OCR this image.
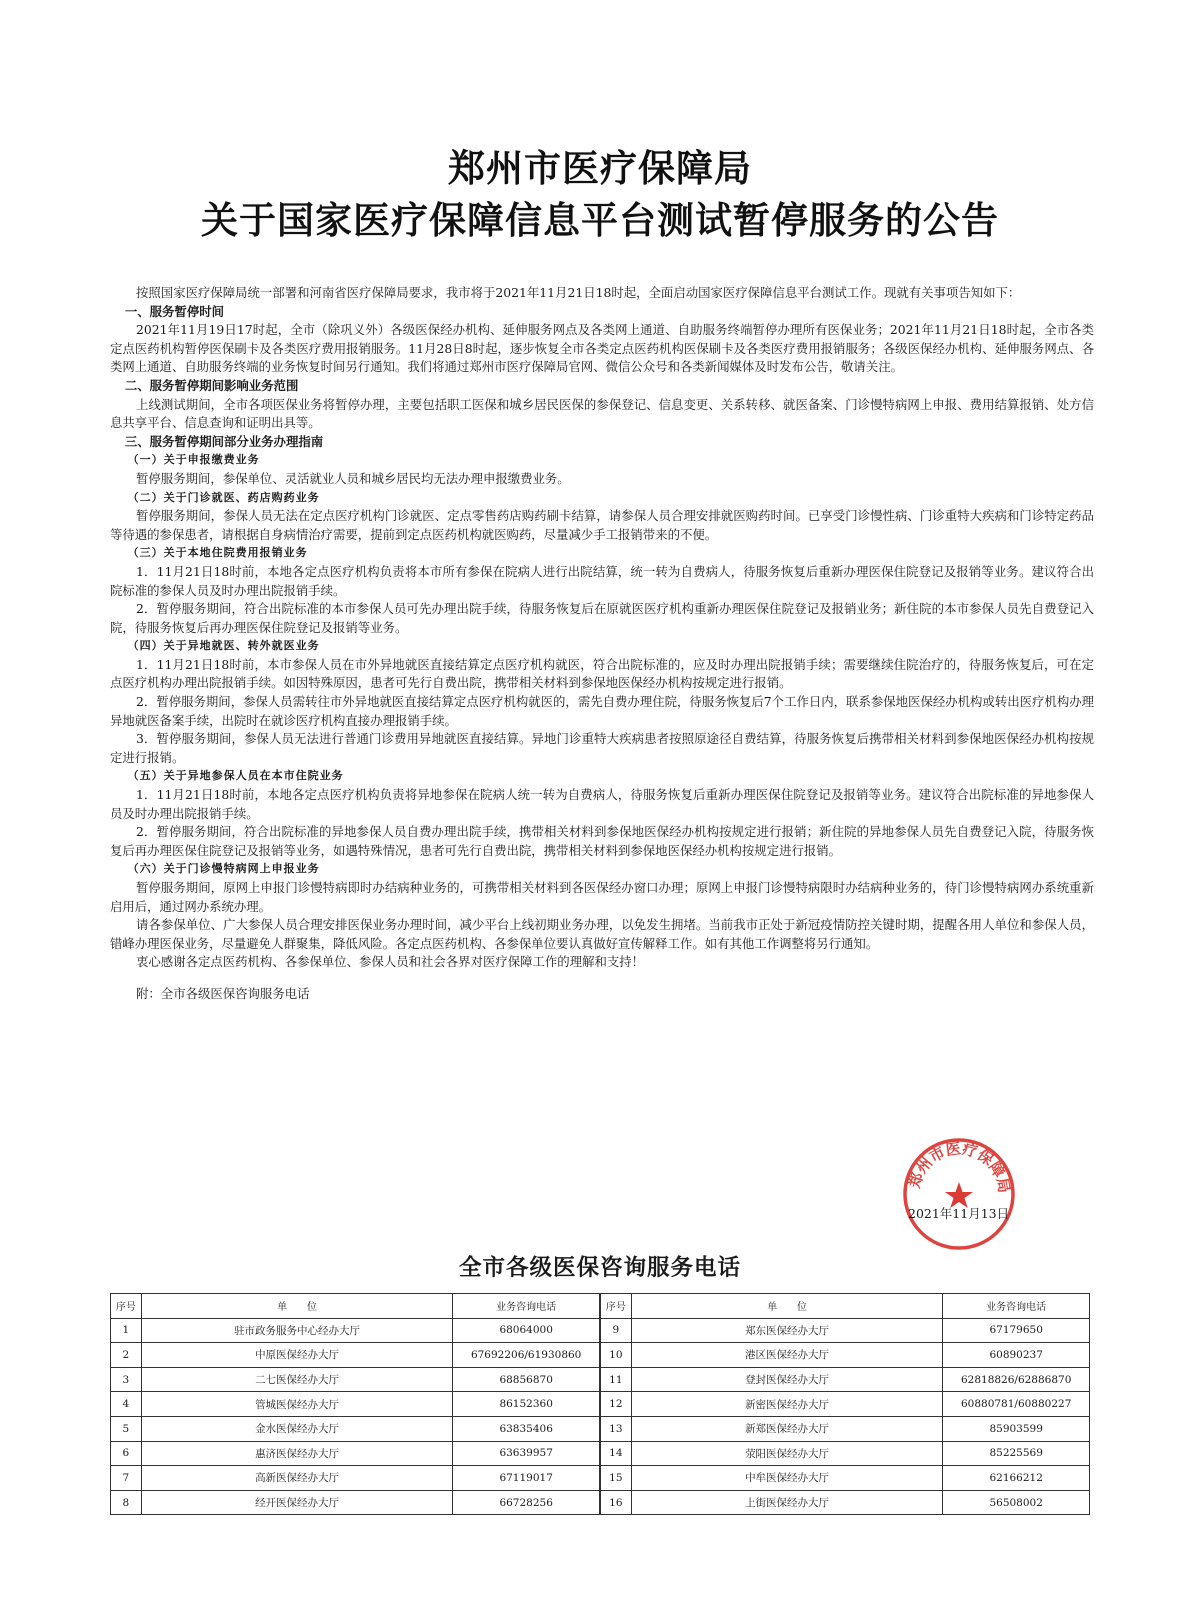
郑州市医疗保障局
关于国家医疗保障信息平台测试暂停服务的公告

按照国家医疗保障局统一部署和河南省医疗保障局要求，我市将于2021年11月21日18时起，全面启动国家医疗保障信息平台测试工作。现就有关事项告知如下：

一、服务暂停时间

2021年11月19日17时起，全市（除巩义外）各级医保经办机构、延伸服务网点及各类网上通道、自助服务终端暂停办理所有医保业务；2021年11月21日18时起，全市各类定点医药机构暂停医保刷卡及各类医疗费用报销服务。11月28日8时起，逐步恢复全市各类定点医药机构医保刷卡及各类医疗费用报销服务；各级医保经办机构、延伸服务网点、各类网上通道、自助服务终端的业务恢复时间另行通知。我们将通过郑州市医疗保障局官网、微信公众号和各类新闻媒体及时发布公告，敬请关注。

二、服务暂停期间影响业务范围

上线测试期间，全市各项医保业务将暂停办理，主要包括职工医保和城乡居民医保的参保登记、信息变更、关系转移、就医备案、门诊慢特病网上申报、费用结算报销、处方信息共享平台、信息查询和证明出具等。

三、服务暂停期间部分业务办理指南

（一）关于申报缴费业务

暂停服务期间，参保单位、灵活就业人员和城乡居民均无法办理申报缴费业务。

（二）关于门诊就医、药店购药业务

暂停服务期间，参保人员无法在定点医疗机构门诊就医、定点零售药店购药刷卡结算，请参保人员合理安排就医购药时间。已享受门诊慢性病、门诊重特大疾病和门诊特定药品等待遇的参保患者，请根据自身病情治疗需要，提前到定点医药机构就医购药，尽量减少手工报销带来的不便。

（三）关于本地住院费用报销业务

1．11月21日18时前，本地各定点医疗机构负责将本市所有参保在院病人进行出院结算，统一转为自费病人，待服务恢复后重新办理医保住院登记及报销等业务。建议符合出院标准的参保人员及时办理出院报销手续。

2．暂停服务期间，符合出院标准的本市参保人员可先办理出院手续，待服务恢复后在原就医医疗机构重新办理医保住院登记及报销业务；新住院的本市参保人员先自费登记入院，待服务恢复后再办理医保住院登记及报销等业务。

（四）关于异地就医、转外就医业务

1．11月21日18时前，本市参保人员在市外异地就医直接结算定点医疗机构就医，符合出院标准的，应及时办理出院报销手续；需要继续住院治疗的，待服务恢复后，可在定点医疗机构办理出院报销手续。如因特殊原因，患者可先行自费出院，携带相关材料到参保地医保经办机构按规定进行报销。

2．暂停服务期间，参保人员需转往市外异地就医直接结算定点医疗机构就医的，需先自费办理住院，待服务恢复后7个工作日内，联系参保地医保经办机构或转出医疗机构办理异地就医备案手续，出院时在就诊医疗机构直接办理报销手续。

3．暂停服务期间，参保人员无法进行普通门诊费用异地就医直接结算。异地门诊重特大疾病患者按照原途径自费结算，待服务恢复后携带相关材料到参保地医保经办机构按规定进行报销。

（五）关于异地参保人员在本市住院业务

1．11月21日18时前，本地各定点医疗机构负责将异地参保在院病人统一转为自费病人，待服务恢复后重新办理医保住院登记及报销等业务。建议符合出院标准的异地参保人员及时办理出院报销手续。

2．暂停服务期间，符合出院标准的异地参保人员自费办理出院手续，携带相关材料到参保地医保经办机构按规定进行报销；新住院的异地参保人员先自费登记入院，待服务恢复后再办理医保住院登记及报销等业务，如遇特殊情况，患者可先行自费出院，携带相关材料到参保地医保经办机构按规定进行报销。

（六）关于门诊慢特病网上申报业务

暂停服务期间，原网上申报门诊慢特病即时办结病种业务的，可携带相关材料到各医保经办窗口办理；原网上申报门诊慢特病限时办结病种业务的，待门诊慢特病网办系统重新启用后，通过网办系统办理。

请各参保单位、广大参保人员合理安排医保业务办理时间，减少平台上线初期业务办理，以免发生拥堵。当前我市正处于新冠疫情防控关键时期，提醒各用人单位和参保人员，错峰办理医保业务，尽量避免人群聚集，降低风险。各定点医药机构、各参保单位要认真做好宣传解释工作。如有其他工作调整将另行通知。

衷心感谢各定点医药机构、各参保单位、参保人员和社会各界对医疗保障工作的理解和支持！

附：全市各级医保咨询服务电话

郑州市医疗保障局
2021年11月13日
全市各级医保咨询服务电话
序号	单　　位	业务咨询电话	序号	单　　位	业务咨询电话
1	驻市政务服务中心经办大厅	68064000	9	郑东医保经办大厅	67179650
2	中原医保经办大厅	67692206/61930860	10	港区医保经办大厅	60890237
3	二七医保经办大厅	68856870	11	登封医保经办大厅	62818826/62886870
4	管城医保经办大厅	86152360	12	新密医保经办大厅	60880781/60880227
5	金水医保经办大厅	63835406	13	新郑医保经办大厅	85903599
6	惠济医保经办大厅	63639957	14	荥阳医保经办大厅	85225569
7	高新医保经办大厅	67119017	15	中牟医保经办大厅	62166212
8	经开医保经办大厅	66728256	16	上街医保经办大厅	56508002
